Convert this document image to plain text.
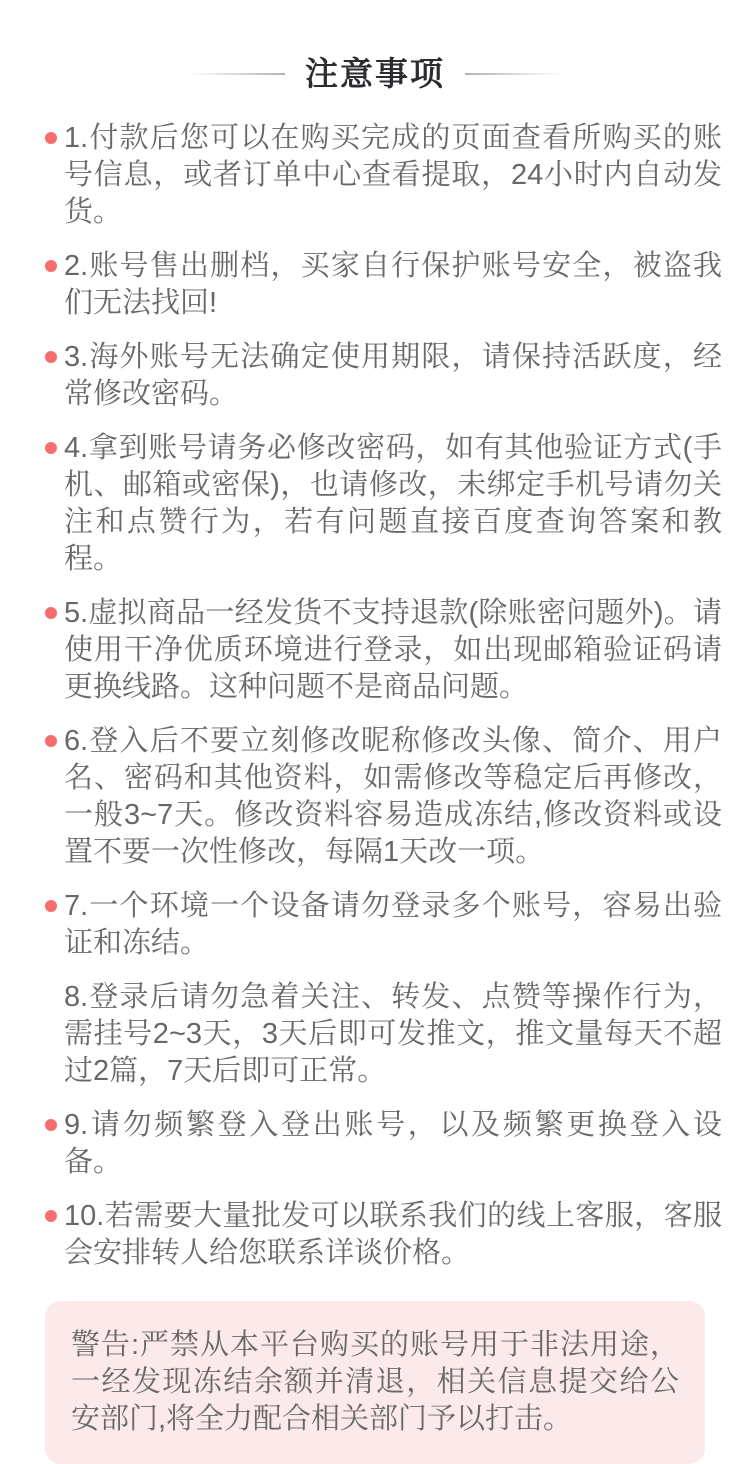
注意事项
1.付款后您可以在购买完成的页面查看所购买的账号信息，或者订单中心查看提取，24小时内自动发货。
2.账号售出删档，买家自行保护账号安全，被盗我们无法找回!
3.海外账号无法确定使用期限，请保持活跃度，经常修改密码。
4.拿到账号请务必修改密码，如有其他验证方式(手机、邮箱或密保)，也请修改，未绑定手机号请勿关注和点赞行为，若有问题直接百度查询答案和教程。
5.虚拟商品一经发货不支持退款(除账密问题外)。请使用干净优质环境进行登录，如出现邮箱验证码请更换线路。这种问题不是商品问题。
6.登入后不要立刻修改昵称修改头像、简介、用户名、密码和其他资料，如需修改等稳定后再修改，一般3~7天。修改资料容易造成冻结,修改资料或设置不要一次性修改，每隔1天改一项。
7.一个环境一个设备请勿登录多个账号，容易出验证和冻结。
8.登录后请勿急着关注、转发、点赞等操作行为，需挂号2~3天，3天后即可发推文，推文量每天不超过2篇，7天后即可正常。
9.请勿频繁登入登出账号，以及频繁更换登入设备。
10.若需要大量批发可以联系我们的线上客服，客服会安排转人给您联系详谈价格。
警告:严禁从本平台购买的账号用于非法用途，一经发现冻结余额并清退，相关信息提交给公安部门,将全力配合相关部门予以打击。
